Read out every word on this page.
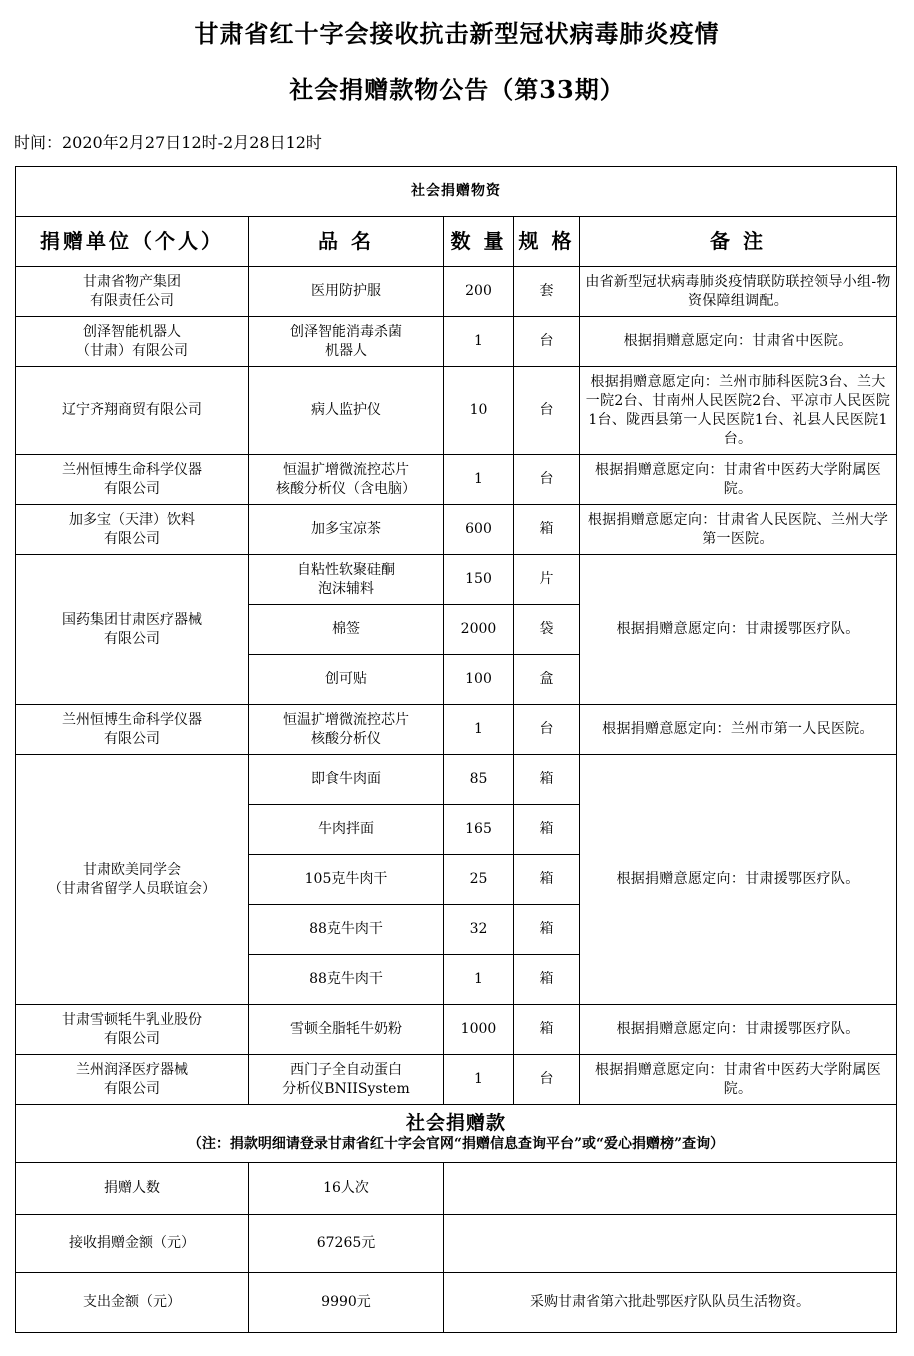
甘肃省红十字会接收抗击新型冠状病毒肺炎疫情
社会捐赠款物公告（第33期）
时间：2020年2月27日12时-2月28日12时
社会捐赠物资				
捐赠单位（个人）	品 名	数 量	规 格	备 注

甘肃省物产集团
有限责任公司	医用防护服	200	套	由省新型冠状病毒肺炎疫情联防联控领导小组-物资保障组调配。

创泽智能机器人
（甘肃）有限公司	创泽智能消毒杀菌
机器人	1	台	根据捐赠意愿定向：甘肃省中医院。

辽宁齐翔商贸有限公司	病人监护仪	10	台	根据捐赠意愿定向：兰州市肺科医院3台、兰大一院2台、甘南州人民医院2台、平凉市人民医院1台、陇西县第一人民医院1台、礼县人民医院1台。

兰州恒博生命科学仪器
有限公司	恒温扩增微流控芯片
核酸分析仪（含电脑）	1	台	根据捐赠意愿定向：甘肃省中医药大学附属医院。

加多宝（天津）饮料
有限公司	加多宝凉茶	600	箱	根据捐赠意愿定向：甘肃省人民医院、兰州大学第一医院。

国药集团甘肃医疗器械
有限公司	自粘性软聚硅酮
泡沫辅料	150	片	根据捐赠意愿定向：甘肃援鄂医疗队。

	棉签	2000	袋	

	创可贴	100	盒	

兰州恒博生命科学仪器
有限公司	恒温扩增微流控芯片
核酸分析仪	1	台	根据捐赠意愿定向：兰州市第一人民医院。

甘肃欧美同学会
（甘肃省留学人员联谊会）	即食牛肉面	85	箱	根据捐赠意愿定向：甘肃援鄂医疗队。

	牛肉拌面	165	箱	

	105克牛肉干	25	箱	

	88克牛肉干	32	箱	

	88克牛肉干	1	箱	

甘肃雪顿牦牛乳业股份
有限公司	雪顿全脂牦牛奶粉	1000	箱	根据捐赠意愿定向：甘肃援鄂医疗队。

兰州润泽医疗器械
有限公司	西门子全自动蛋白
分析仪BNIISystem	1	台	根据捐赠意愿定向：甘肃省中医药大学附属医院。

社会捐赠款
（注：捐款明细请登录甘肃省红十字会官网“捐赠信息查询平台”或“爱心捐赠榜”查询）				

捐赠人数	16人次			
接收捐赠金额（元）	67265元			
支出金额（元）	9990元	采购甘肃省第六批赴鄂医疗队队员生活物资。		
